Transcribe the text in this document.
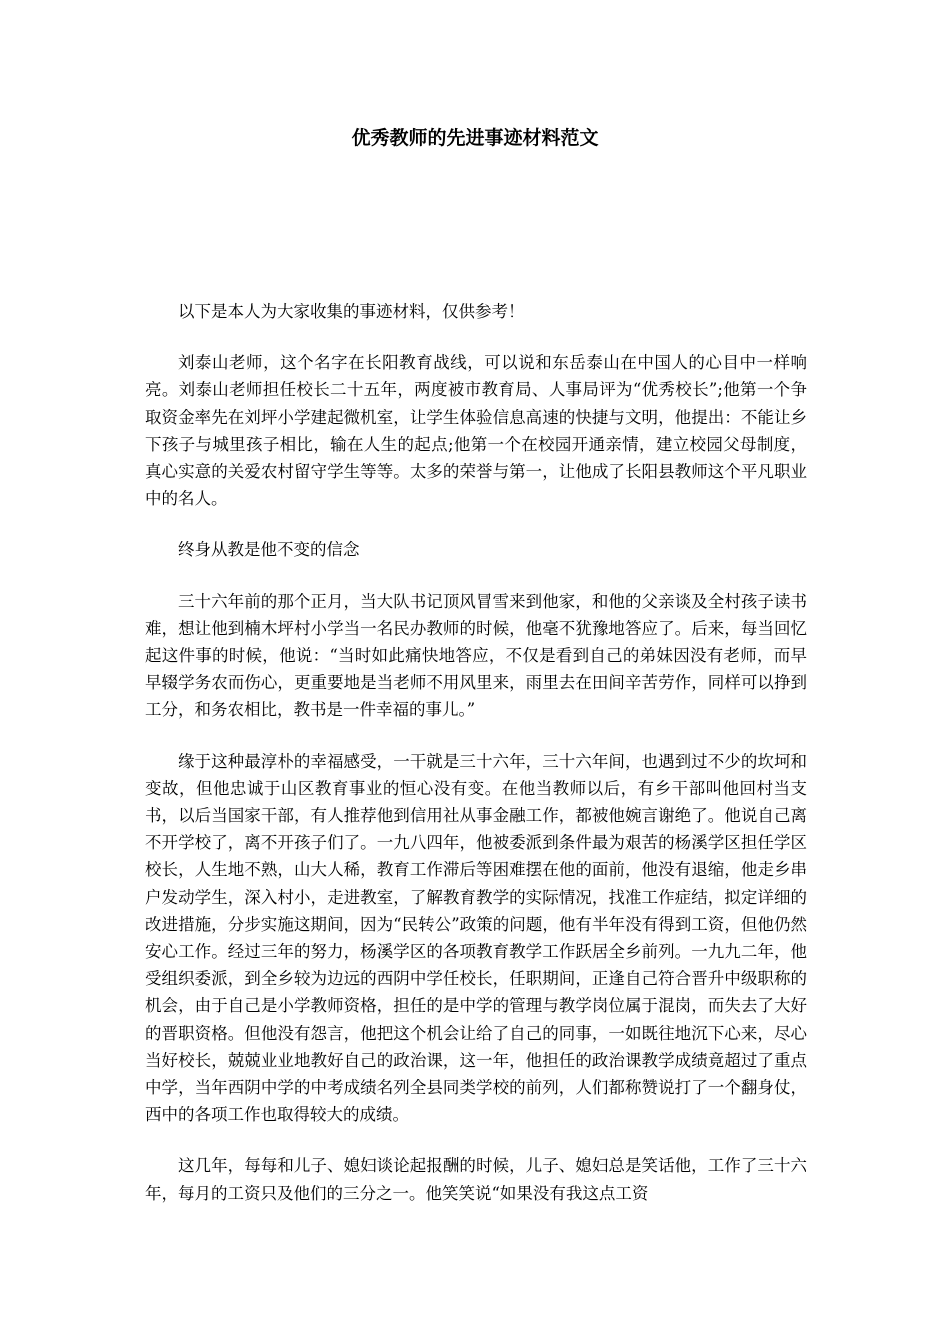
优秀教师的先进事迹材料范文

以下是本人为大家收集的事迹材料，仅供参考！

刘泰山老师，这个名字在长阳教育战线，可以说和东岳泰山在中国人的心目中一样响亮。刘泰山老师担任校长二十五年，两度被市教育局、人事局评为“优秀校长”;他第一个争取资金率先在刘坪小学建起微机室，让学生体验信息高速的快捷与文明，他提出：不能让乡下孩子与城里孩子相比，输在人生的起点;他第一个在校园开通亲情，建立校园父母制度，真心实意的关爱农村留守学生等等。太多的荣誉与第一，让他成了长阳县教师这个平凡职业中的名人。

终身从教是他不变的信念

三十六年前的那个正月，当大队书记顶风冒雪来到他家，和他的父亲谈及全村孩子读书难，想让他到楠木坪村小学当一名民办教师的时候，他毫不犹豫地答应了。后来，每当回忆起这件事的时候，他说：“当时如此痛快地答应，不仅是看到自己的弟妹因没有老师，而早早辍学务农而伤心，更重要地是当老师不用风里来，雨里去在田间辛苦劳作，同样可以挣到工分，和务农相比，教书是一件幸福的事儿。”

缘于这种最淳朴的幸福感受，一干就是三十六年，三十六年间，也遇到过不少的坎坷和变故，但他忠诚于山区教育事业的恒心没有变。在他当教师以后，有乡干部叫他回村当支书，以后当国家干部，有人推荐他到信用社从事金融工作，都被他婉言谢绝了。他说自己离不开学校了，离不开孩子们了。一九八四年，他被委派到条件最为艰苦的杨溪学区担任学区校长，人生地不熟，山大人稀，教育工作滞后等困难摆在他的面前，他没有退缩，他走乡串户发动学生，深入村小，走进教室，了解教育教学的实际情况，找准工作症结，拟定详细的改进措施，分步实施这期间，因为“民转公”政策的问题，他有半年没有得到工资，但他仍然安心工作。经过三年的努力，杨溪学区的各项教育教学工作跃居全乡前列。一九九二年，他受组织委派，到全乡较为边远的西阴中学任校长，任职期间，正逢自己符合晋升中级职称的机会，由于自己是小学教师资格，担任的是中学的管理与教学岗位属于混岗，而失去了大好的晋职资格。但他没有怨言，他把这个机会让给了自己的同事，一如既往地沉下心来，尽心当好校长，兢兢业业地教好自己的政治课，这一年，他担任的政治课教学成绩竟超过了重点中学，当年西阴中学的中考成绩名列全县同类学校的前列，人们都称赞说打了一个翻身仗，西中的各项工作也取得较大的成绩。

这几年，每每和儿子、媳妇谈论起报酬的时候，儿子、媳妇总是笑话他，工作了三十六年，每月的工资只及他们的三分之一。他笑笑说“如果没有我这点工资
